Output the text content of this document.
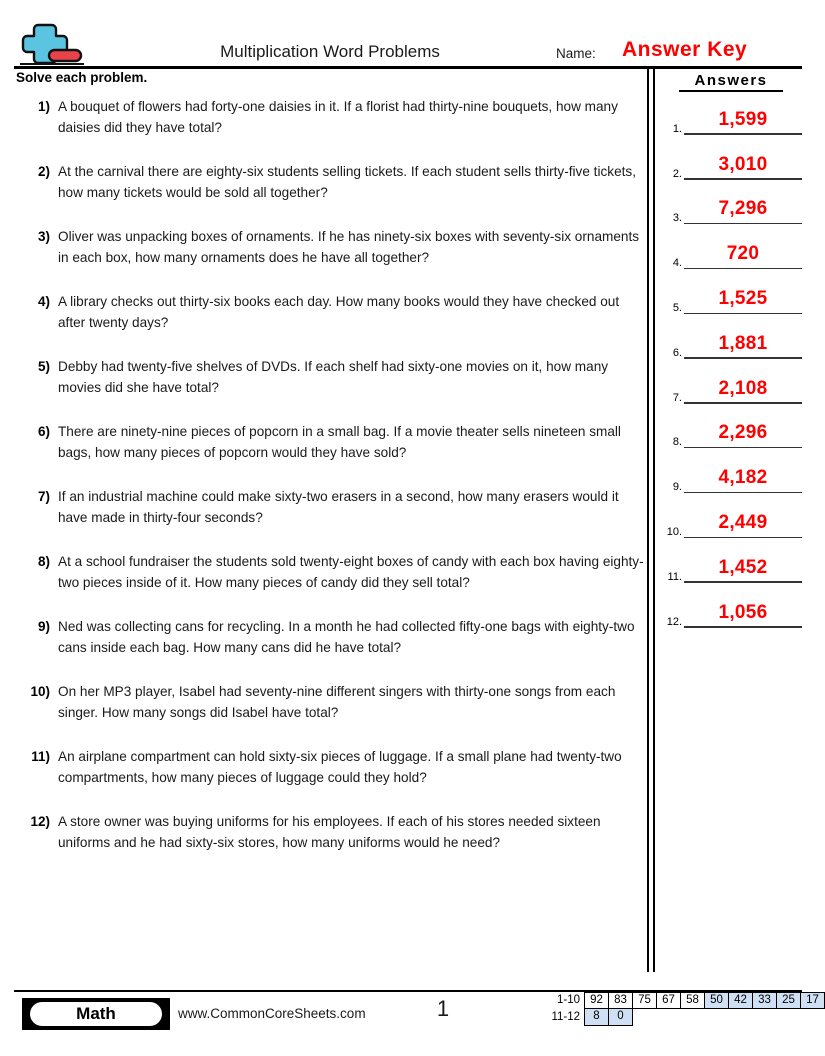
Multiplication Word Problems	Name: Answer Key
Solve each problem.
1) A bouquet of flowers had forty-one daisies in it. If a florist had thirty-nine bouquets, how many daisies did they have total?
2) At the carnival there are eighty-six students selling tickets. If each student sells thirty-five tickets, how many tickets would be sold all together?
3) Oliver was unpacking boxes of ornaments. If he has ninety-six boxes with seventy-six ornaments in each box, how many ornaments does he have all together?
4) A library checks out thirty-six books each day. How many books would they have checked out after twenty days?
5) Debby had twenty-five shelves of DVDs. If each shelf had sixty-one movies on it, how many movies did she have total?
6) There are ninety-nine pieces of popcorn in a small bag. If a movie theater sells nineteen small bags, how many pieces of popcorn would they have sold?
7) If an industrial machine could make sixty-two erasers in a second, how many erasers would it have made in thirty-four seconds?
8) At a school fundraiser the students sold twenty-eight boxes of candy with each box having eighty-two pieces inside of it. How many pieces of candy did they sell total?
9) Ned was collecting cans for recycling. In a month he had collected fifty-one bags with eighty-two cans inside each bag. How many cans did he have total?
10) On her MP3 player, Isabel had seventy-nine different singers with thirty-one songs from each singer. How many songs did Isabel have total?
11) An airplane compartment can hold sixty-six pieces of luggage. If a small plane had twenty-two compartments, how many pieces of luggage could they hold?
12) A store owner was buying uniforms for his employees. If each of his stores needed sixteen uniforms and he had sixty-six stores, how many uniforms would he need?
Answers
1.	1,599
2.	3,010
3.	7,296
4.	720
5.	1,525
6.	1,881
7.	2,108
8.	2,296
9.	4,182
10.	2,449
11.	1,452
12.	1,056
Math	www.CommonCoreSheets.com	1	1-10 92 83 75 67 58 50 42 33 25 17
11-12	8	0
